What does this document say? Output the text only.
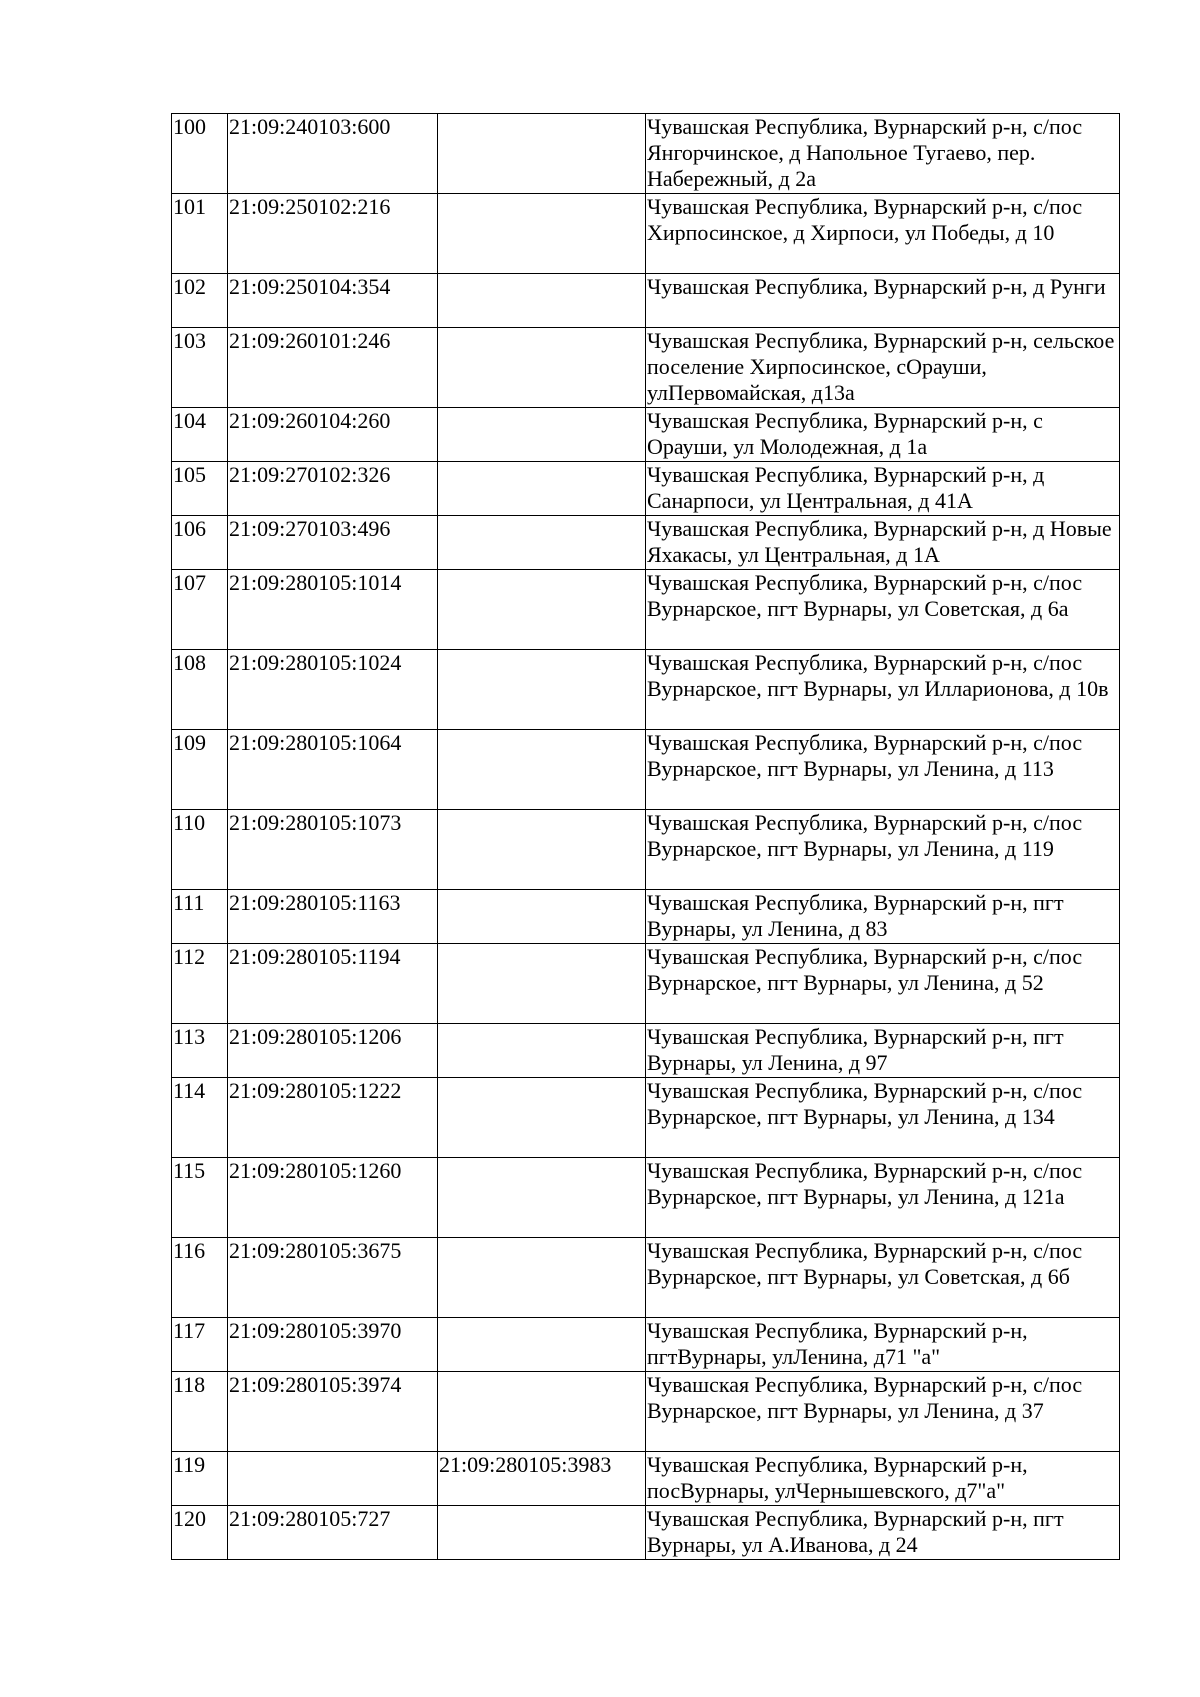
100	21:09:240103:600		Чувашская Республика, Вурнарский р-н, с/пос Янгорчинское, д Напольное Тугаево, пер. Набережный, д 2а
101	21:09:250102:216		Чувашская Республика, Вурнарский р-н, с/пос Хирпосинское, д Хирпоси, ул Победы, д 10
102	21:09:250104:354		Чувашская Республика, Вурнарский р-н, д Рунги
103	21:09:260101:246		Чувашская Республика, Вурнарский р-н, сельское поселение Хирпосинское, сОрауши, улПервомайская, д13а
104	21:09:260104:260		Чувашская Республика, Вурнарский р-н, с Орауши, ул Молодежная, д 1а
105	21:09:270102:326		Чувашская Республика, Вурнарский р-н, д Санарпоси, ул Центральная, д 41А
106	21:09:270103:496		Чувашская Республика, Вурнарский р-н, д Новые Яхакасы, ул Центральная, д 1А
107	21:09:280105:1014		Чувашская Республика, Вурнарский р-н, с/пос Вурнарское, пгт Вурнары, ул Советская, д 6а
108	21:09:280105:1024		Чувашская Республика, Вурнарский р-н, с/пос Вурнарское, пгт Вурнары, ул Илларионова, д 10в
109	21:09:280105:1064		Чувашская Республика, Вурнарский р-н, с/пос Вурнарское, пгт Вурнары, ул Ленина, д 113
110	21:09:280105:1073		Чувашская Республика, Вурнарский р-н, с/пос Вурнарское, пгт Вурнары, ул Ленина, д 119
111	21:09:280105:1163		Чувашская Республика, Вурнарский р-н, пгт Вурнары, ул Ленина, д 83
112	21:09:280105:1194		Чувашская Республика, Вурнарский р-н, с/пос Вурнарское, пгт Вурнары, ул Ленина, д 52
113	21:09:280105:1206		Чувашская Республика, Вурнарский р-н, пгт Вурнары, ул Ленина, д 97
114	21:09:280105:1222		Чувашская Республика, Вурнарский р-н, с/пос Вурнарское, пгт Вурнары, ул Ленина, д 134
115	21:09:280105:1260		Чувашская Республика, Вурнарский р-н, с/пос Вурнарское, пгт Вурнары, ул Ленина, д 121а
116	21:09:280105:3675		Чувашская Республика, Вурнарский р-н, с/пос Вурнарское, пгт Вурнары, ул Советская, д 6б
117	21:09:280105:3970		Чувашская Республика, Вурнарский р-н, пгтВурнары, улЛенина, д71 "а"
118	21:09:280105:3974		Чувашская Республика, Вурнарский р-н, с/пос Вурнарское, пгт Вурнары, ул Ленина, д 37
119		21:09:280105:3983	Чувашская Республика, Вурнарский р-н, посВурнары, улЧернышевского, д7"а"
120	21:09:280105:727		Чувашская Республика, Вурнарский р-н, пгт Вурнары, ул А.Иванова, д 24
